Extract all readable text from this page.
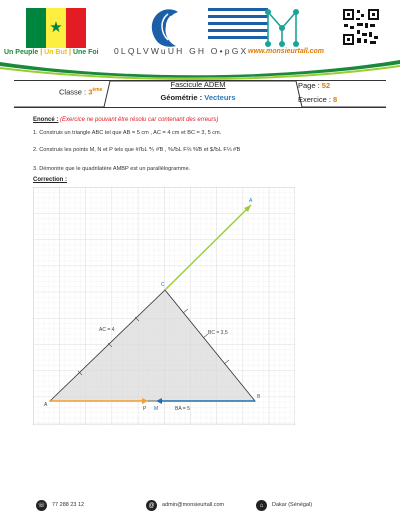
★
Un Peuple | Un But | Une Foi 0LQLVWuUH GH O•pGX www.monsieurtall.com
Fascicule ADEM
Géométrie : Vecteurs
Classe : 3ème	Page : 52
Exercice : 8
Enoncé : (Exercice ne pouvant être résolu car contenant des erreurs)
1. Construis un triangle ABC tel que AB = 5 cm , AC = 4 cm et BC = 3, 5 cm.
2. Construis les points M, N et P tels que #ЉL ⅗ #Ɓ , %ЉL F⅔ %Ɓ et $ЉL F⅓ #Ɓ
3. Démontre que le quadrilatère AMBP est un parallélogramme.
Correction :
A
B
C
P M
A
AC = 4	BC = 3,5
BA = 5
☏	77 288 23 12	@	admin@monsieurtall.com	⌂	Dakar (Sénégal)
